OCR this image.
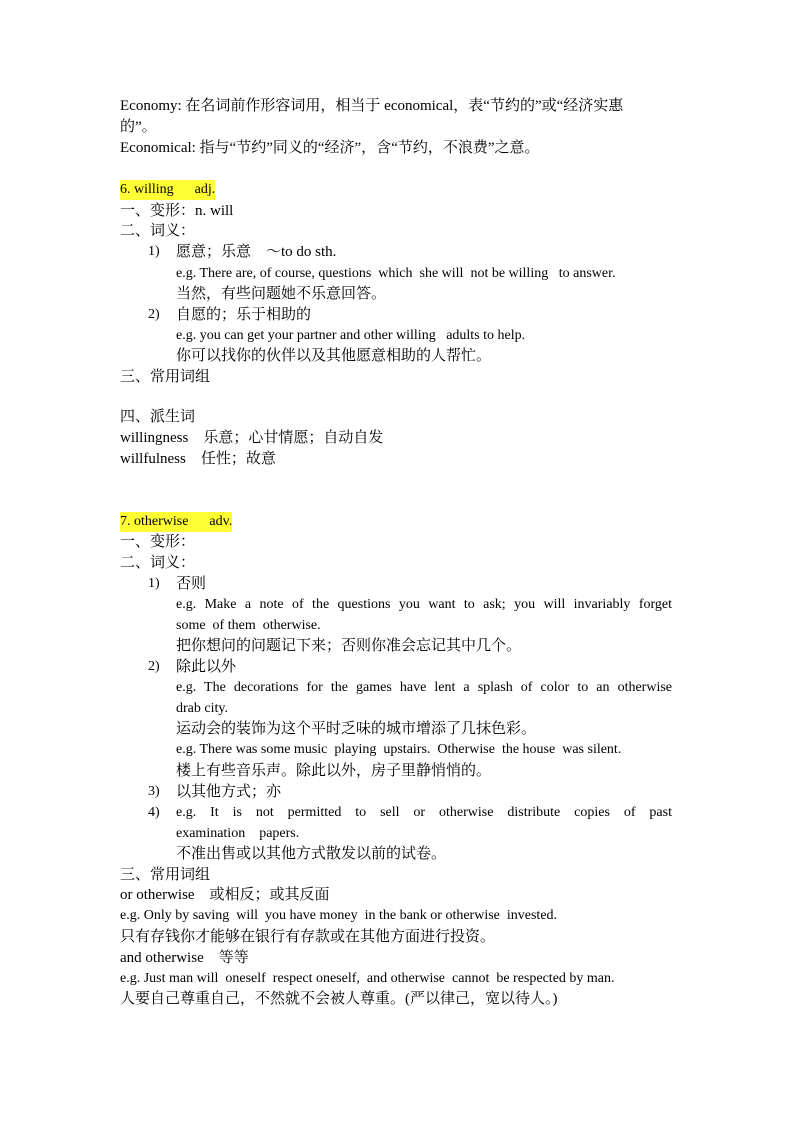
Economy: 在名词前作形容词用，相当于 economical，表“节约的”或“经济实惠
的”。
Economical: 指与“节约”同义的“经济”，含“节约，不浪费”之意。
6. willing      adj.
一、变形：n. will
二、词义：
1) 愿意；乐意    ～to do sth.
e.g. There are, of course, questions  which  she will  not be willing   to answer.
当然，有些问题她不乐意回答。
2) 自愿的；乐于相助的
e.g. you can get your partner and other willing   adults to help.
你可以找你的伙伴以及其他愿意相助的人帮忙。
三、常用词组
四、派生词
willingness    乐意；心甘情愿；自动自发
willfulness    任性；故意
7. otherwise      adv.
一、变形：
二、词义：
1) 否则
e.g. Make a note of the questions you want to ask; you will invariably forget
some  of them  otherwise.
把你想问的问题记下来；否则你准会忘记其中几个。
2) 除此以外
e.g. The decorations for the games have lent a splash of color to an otherwise
drab city.
运动会的装饰为这个平时乏味的城市增添了几抹色彩。
e.g. There was some music  playing  upstairs.  Otherwise  the house  was silent.
楼上有些音乐声。除此以外，房子里静悄悄的。
3) 以其他方式；亦
4) e.g. It is not permitted to sell or otherwise distribute copies of past
examination    papers.
不准出售或以其他方式散发以前的试卷。
三、常用词组
or otherwise    或相反；或其反面
e.g. Only by saving  will  you have money  in the bank or otherwise  invested.
只有存钱你才能够在银行有存款或在其他方面进行投资。
and otherwise    等等
e.g. Just man will  oneself  respect oneself,  and otherwise  cannot  be respected by man.
人要自己尊重自己，不然就不会被人尊重。(严以律己，宽以待人。)
